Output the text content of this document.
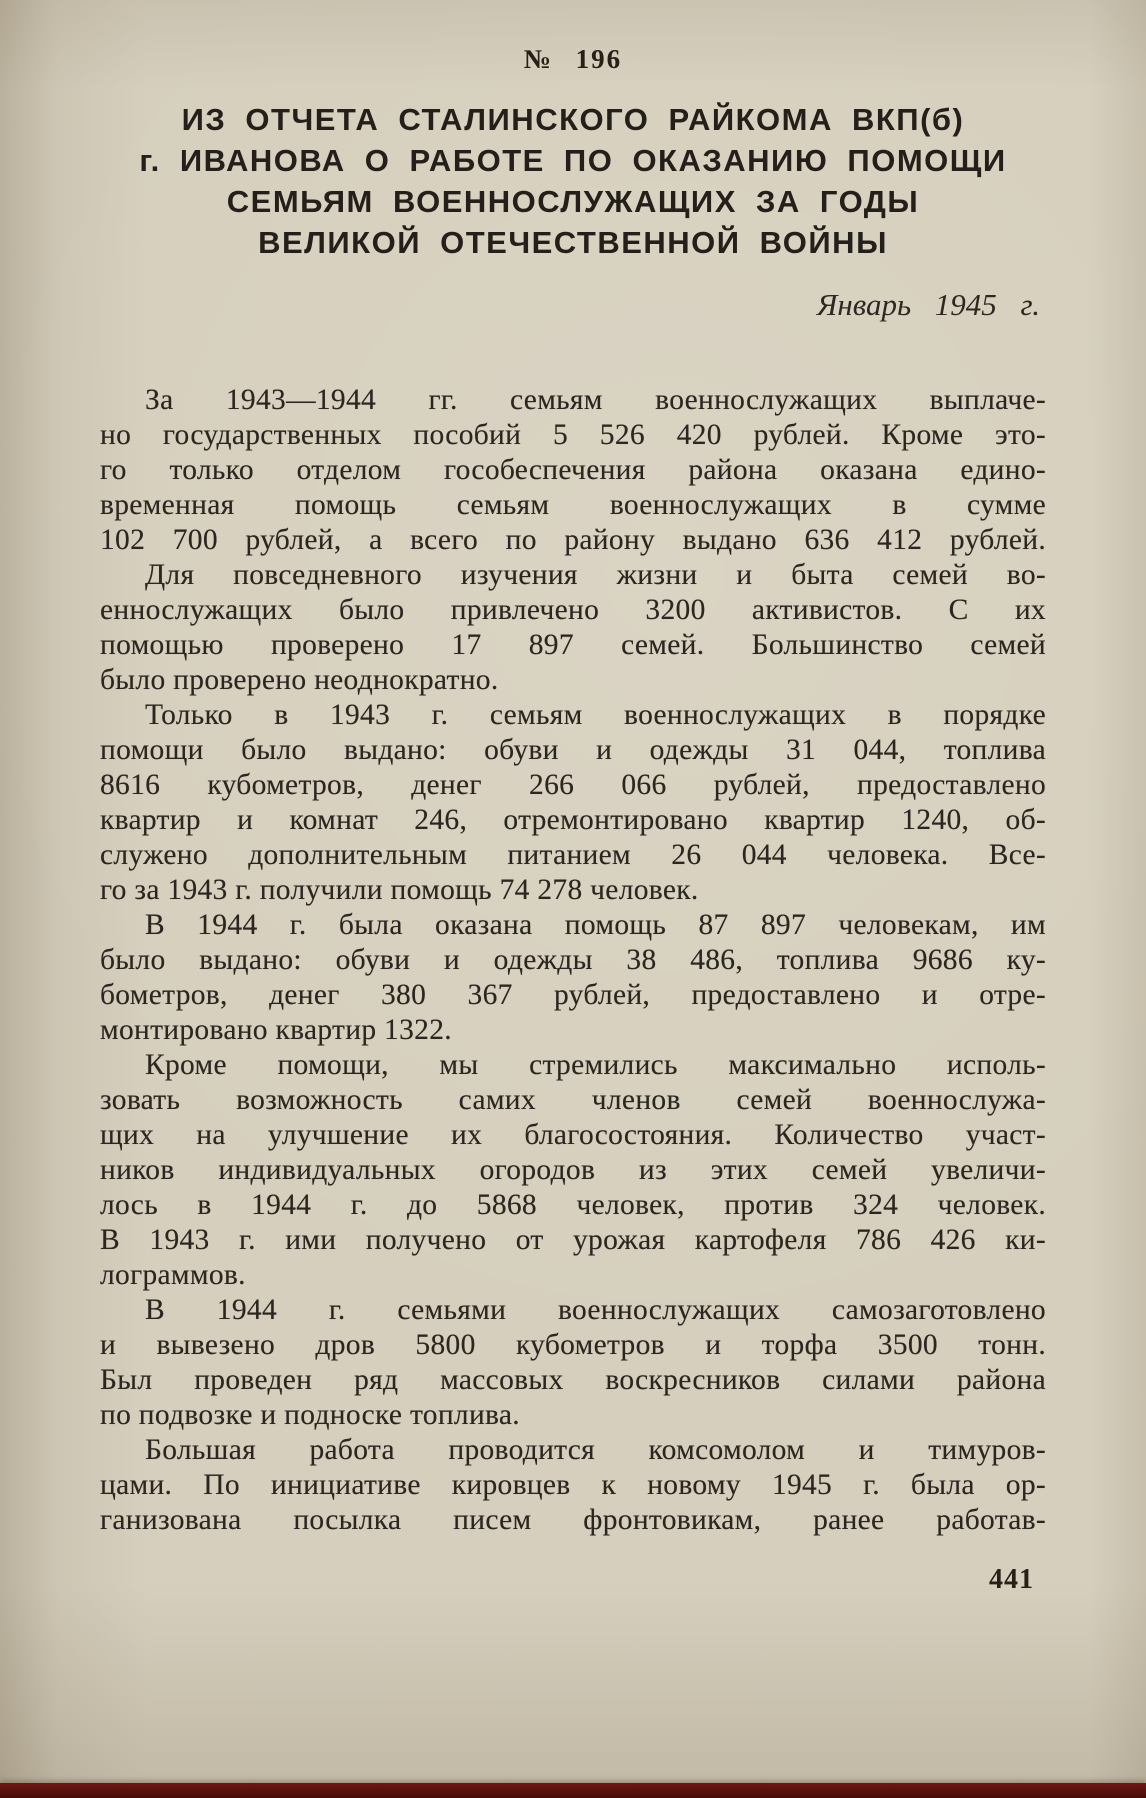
№ 196
ИЗ ОТЧЕТА СТАЛИНСКОГО РАЙКОМА ВКП(б)
г. ИВАНОВА О РАБОТЕ ПО ОКАЗАНИЮ ПОМОЩИ
СЕМЬЯМ ВОЕННОСЛУЖАЩИХ ЗА ГОДЫ
ВЕЛИКОЙ ОТЕЧЕСТВЕННОЙ ВОЙНЫ
Январь 1945 г.
За 1943—1944 гг. семьям военнослужащих выплаче-
но государственных пособий 5 526 420 рублей. Кроме это-
го только отделом гособеспечения района оказана едино-
временная помощь семьям военнослужащих в сумме
102 700 рублей, а всего по району выдано 636 412 рублей.
Для повседневного изучения жизни и быта семей во-
еннослужащих было привлечено 3200 активистов. С их
помощью проверено 17 897 семей. Большинство семей
было проверено неоднократно.
Только в 1943 г. семьям военнослужащих в порядке
помощи было выдано: обуви и одежды 31 044, топлива
8616 кубометров, денег 266 066 рублей, предоставлено
квартир и комнат 246, отремонтировано квартир 1240, об-
служено дополнительным питанием 26 044 человека. Все-
го за 1943 г. получили помощь 74 278 человек.
В 1944 г. была оказана помощь 87 897 человекам, им
было выдано: обуви и одежды 38 486, топлива 9686 ку-
бометров, денег 380 367 рублей, предоставлено и отре-
монтировано квартир 1322.
Кроме помощи, мы стремились максимально исполь-
зовать возможность самих членов семей военнослужа-
щих на улучшение их благосостояния. Количество участ-
ников индивидуальных огородов из этих семей увеличи-
лось в 1944 г. до 5868 человек, против 324 человек.
В 1943 г. ими получено от урожая картофеля 786 426 ки-
лограммов.
В 1944 г. семьями военнослужащих самозаготовлено
и вывезено дров 5800 кубометров и торфа 3500 тонн.
Был проведен ряд массовых воскресников силами района
по подвозке и подноске топлива.
Большая работа проводится комсомолом и тимуров-
цами. По инициативе кировцев к новому 1945 г. была ор-
ганизована посылка писем фронтовикам, ранее работав-
441
